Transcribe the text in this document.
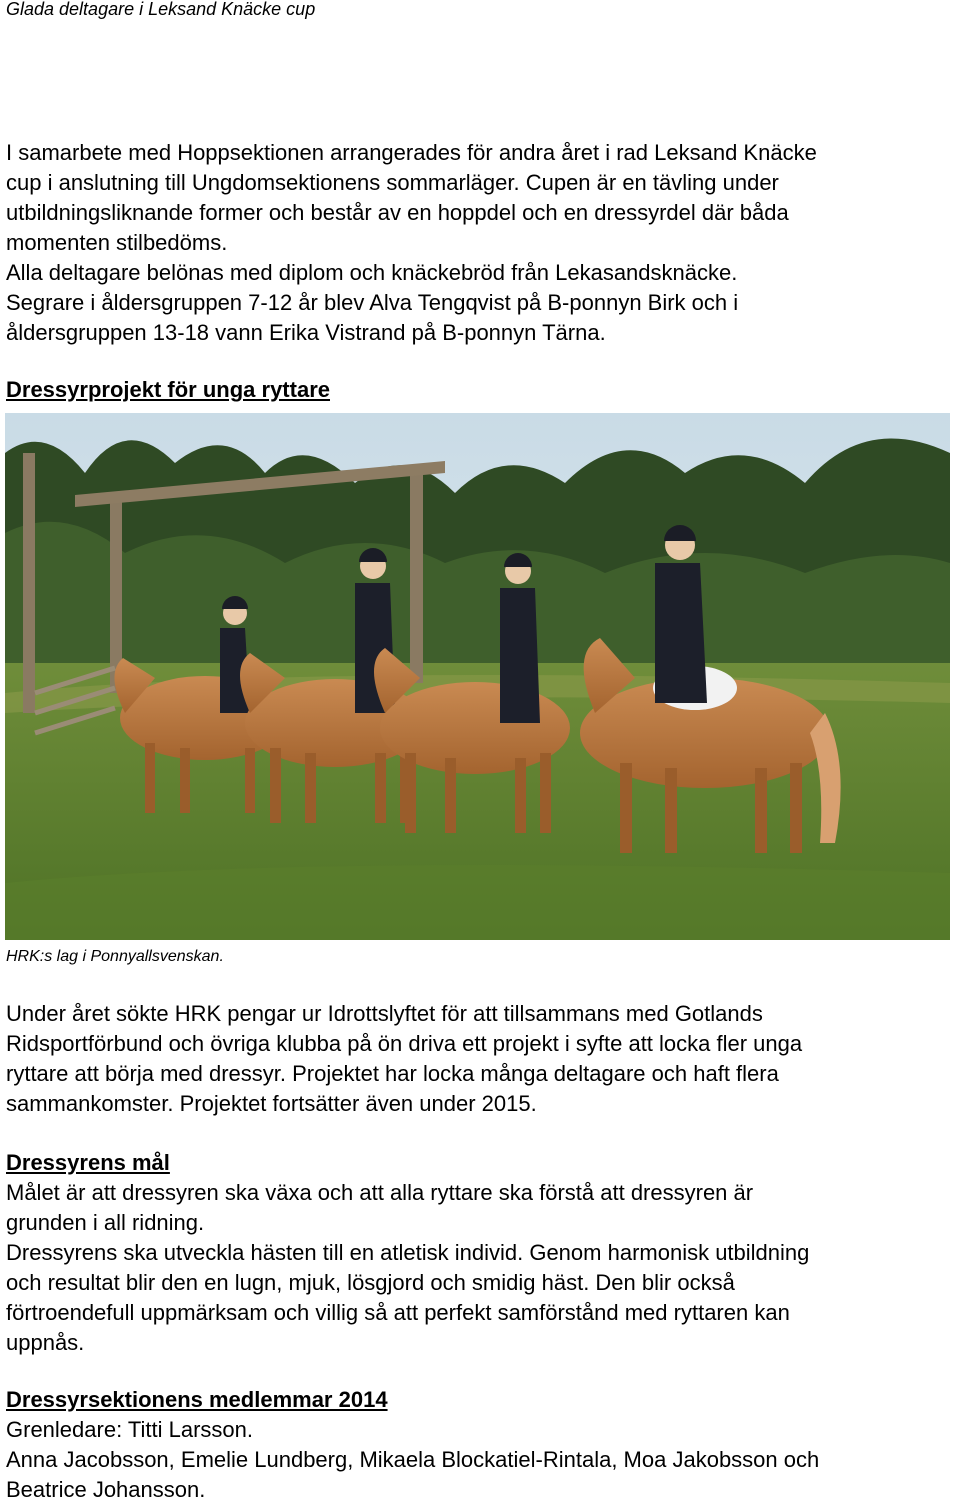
Glada deltagare i Leksand Knäcke cup

I samarbete med Hoppsektionen arrangerades för andra året i rad Leksand Knäcke

cup i anslutning till Ungdomsektionens sommarläger. Cupen är en tävling under

utbildningsliknande former och består av en hoppdel och en dressyrdel där båda

momenten stilbedöms.

Alla deltagare belönas med diplom och knäckebröd från Lekasandsknäcke.

Segrare i åldersgruppen 7-12 år blev Alva Tengqvist på B-ponnyn Birk och i

åldersgruppen 13-18 vann Erika Vistrand på B-ponnyn Tärna.

Dressyrprojekt för unga ryttare
HRK:s lag i Ponnyallsvenskan.

Under året sökte HRK pengar ur Idrottslyftet för att tillsammans med Gotlands

Ridsportförbund och övriga klubba på ön driva ett projekt i syfte att locka fler unga

ryttare att börja med dressyr. Projektet har locka många deltagare och haft flera

sammankomster. Projektet fortsätter även under 2015.

Dressyrens mål

Målet är att dressyren ska växa och att alla ryttare ska förstå att dressyren är

grunden i all ridning.

Dressyrens ska utveckla hästen till en atletisk individ. Genom harmonisk utbildning

och resultat blir den en lugn, mjuk, lösgjord och smidig häst. Den blir också

förtroendefull uppmärksam och villig så att perfekt samförstånd med ryttaren kan

uppnås.

Dressyrsektionens medlemmar 2014

Grenledare: Titti Larsson.

Anna Jacobsson, Emelie Lundberg, Mikaela Blockatiel-Rintala, Moa Jakobsson och

Beatrice Johansson.
